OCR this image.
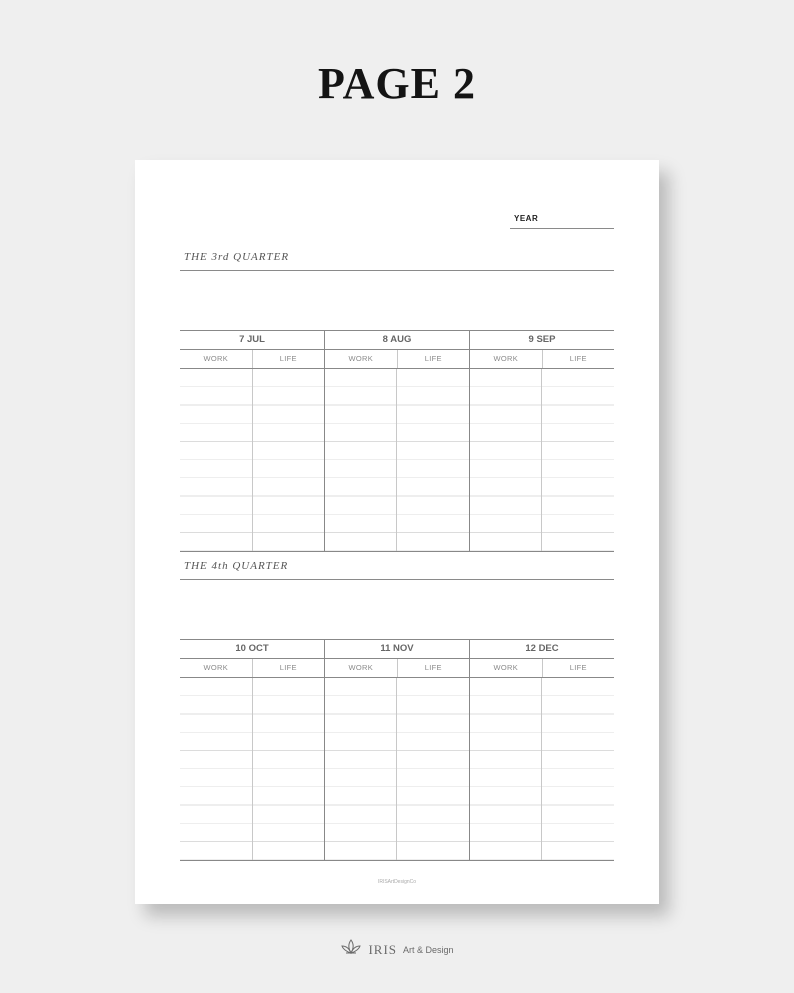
PAGE 2
YEAR
THE 3rd QUARTER
7 JUL	8 AUG	9 SEP
WORK	LIFE	WORK	LIFE	WORK	LIFE
THE 4th QUARTER
10 OCT	11 NOV	12 DEC
WORK	LIFE	WORK	LIFE	WORK	LIFE
IRISArtDesignCo
IRIS Art & Design
